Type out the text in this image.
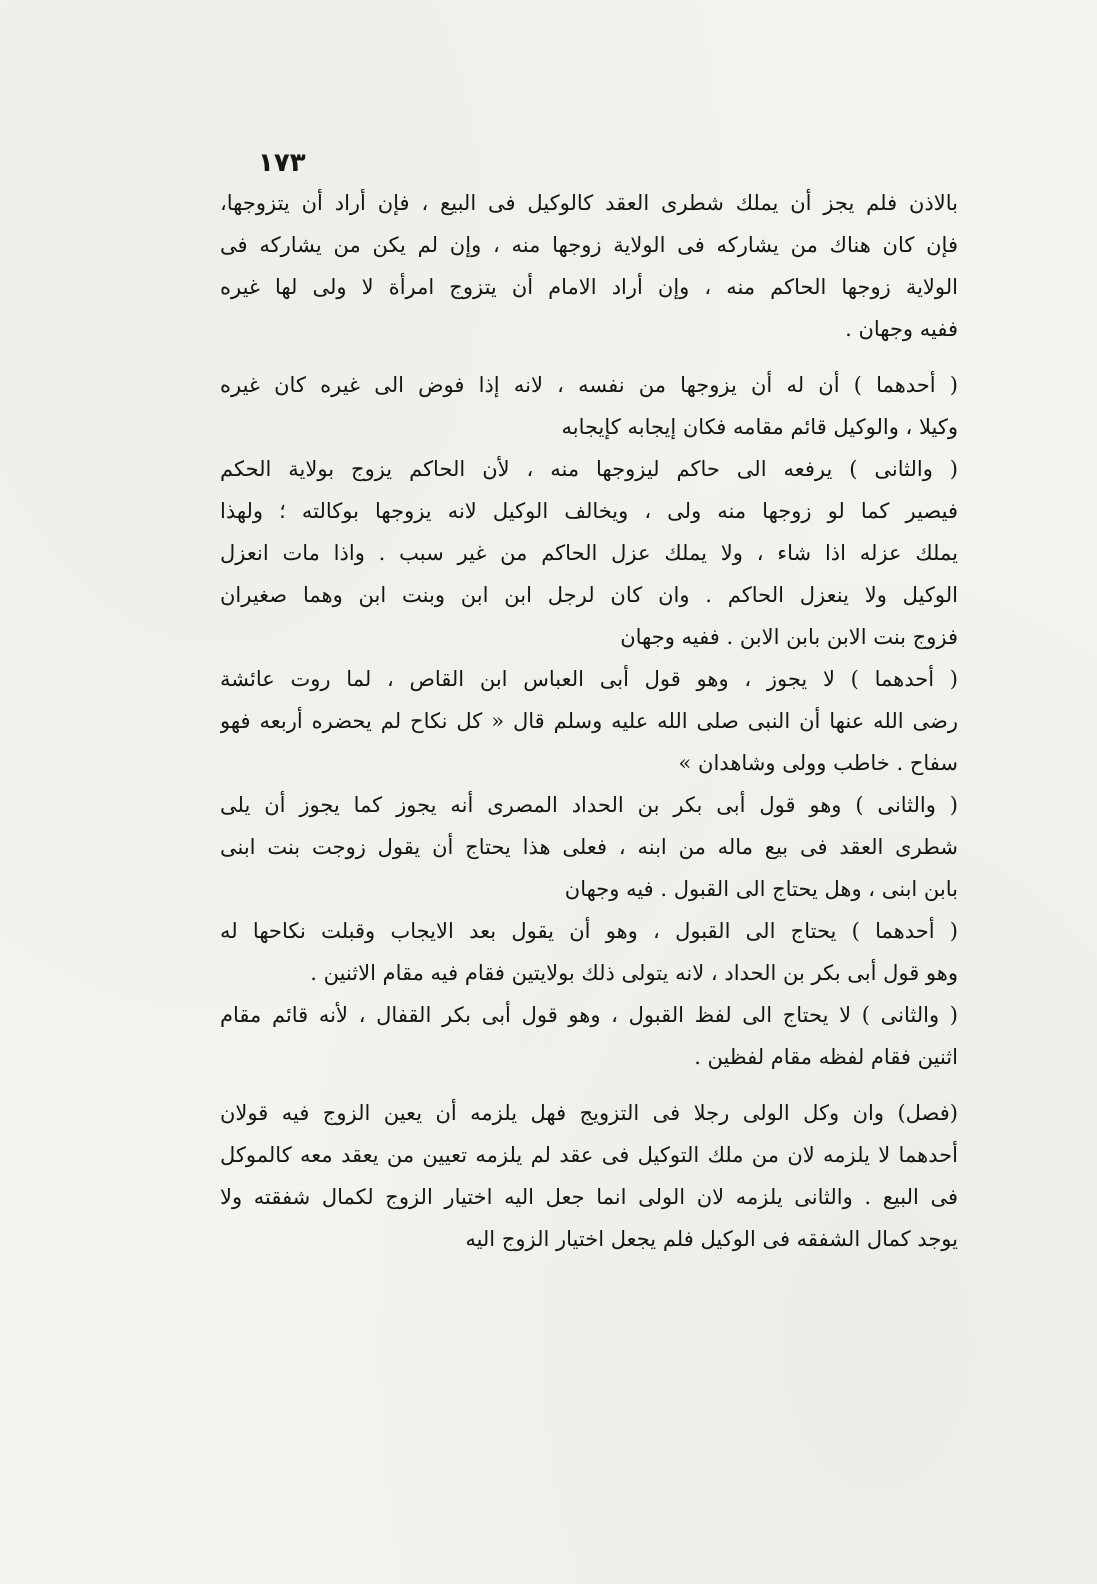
١٧٣
بالاذن فلم يجز أن يملك شطرى العقد كالوكيل فى البيع ، فإن أراد أن يتزوجها،
فإن كان هناك من يشاركه فى الولاية زوجها منه ، وإن لم يكن من يشاركه فى
الولاية زوجها الحاكم منه ، وإن أراد الامام أن يتزوج امرأة لا ولى لها غيره
ففيه وجهان .
( أحدهما ) أن له أن يزوجها من نفسه ، لانه إذا فوض الى غيره كان غيره
وكيلا ، والوكيل قائم مقامه فكان إيجابه كإيجابه
( والثانى ) يرفعه الى حاكم ليزوجها منه ، لأن الحاكم يزوج بولاية الحكم
فيصير كما لو زوجها منه ولى ، ويخالف الوكيل لانه يزوجها بوكالته ؛ ولهذا
يملك عزله اذا شاء ، ولا يملك عزل الحاكم من غير سبب . واذا مات انعزل
الوكيل ولا ينعزل الحاكم . وان كان لرجل ابن ابن وبنت ابن وهما صغيران
فزوج بنت الابن بابن الابن . ففيه وجهان
( أحدهما ) لا يجوز ، وهو قول أبى العباس ابن القاص ، لما روت عائشة
رضى الله عنها أن النبى صلى الله عليه وسلم قال « كل نكاح لم يحضره أربعه فهو
سفاح . خاطب وولى وشاهدان »
( والثانى ) وهو قول أبى بكر بن الحداد المصرى أنه يجوز كما يجوز أن يلى
شطرى العقد فى بيع ماله من ابنه ، فعلى هذا يحتاج أن يقول زوجت بنت ابنى
بابن ابنى ، وهل يحتاج الى القبول . فيه وجهان
( أحدهما ) يحتاج الى القبول ، وهو أن يقول بعد الايجاب وقبلت نكاحها له
وهو قول أبى بكر بن الحداد ، لانه يتولى ذلك بولايتين فقام فيه مقام الاثنين .
( والثانى ) لا يحتاج الى لفظ القبول ، وهو قول أبى بكر القفال ، لأنه قائم مقام
اثنين فقام لفظه مقام لفظين .
(فصل) وان وكل الولى رجلا فى التزويج فهل يلزمه أن يعين الزوج فيه قولان
أحدهما لا يلزمه لان من ملك التوكيل فى عقد لم يلزمه تعيين من يعقد معه كالموكل
فى البيع . والثانى يلزمه لان الولى انما جعل اليه اختيار الزوج لكمال شفقته ولا
يوجد كمال الشفقه فى الوكيل فلم يجعل اختيار الزوج اليه
